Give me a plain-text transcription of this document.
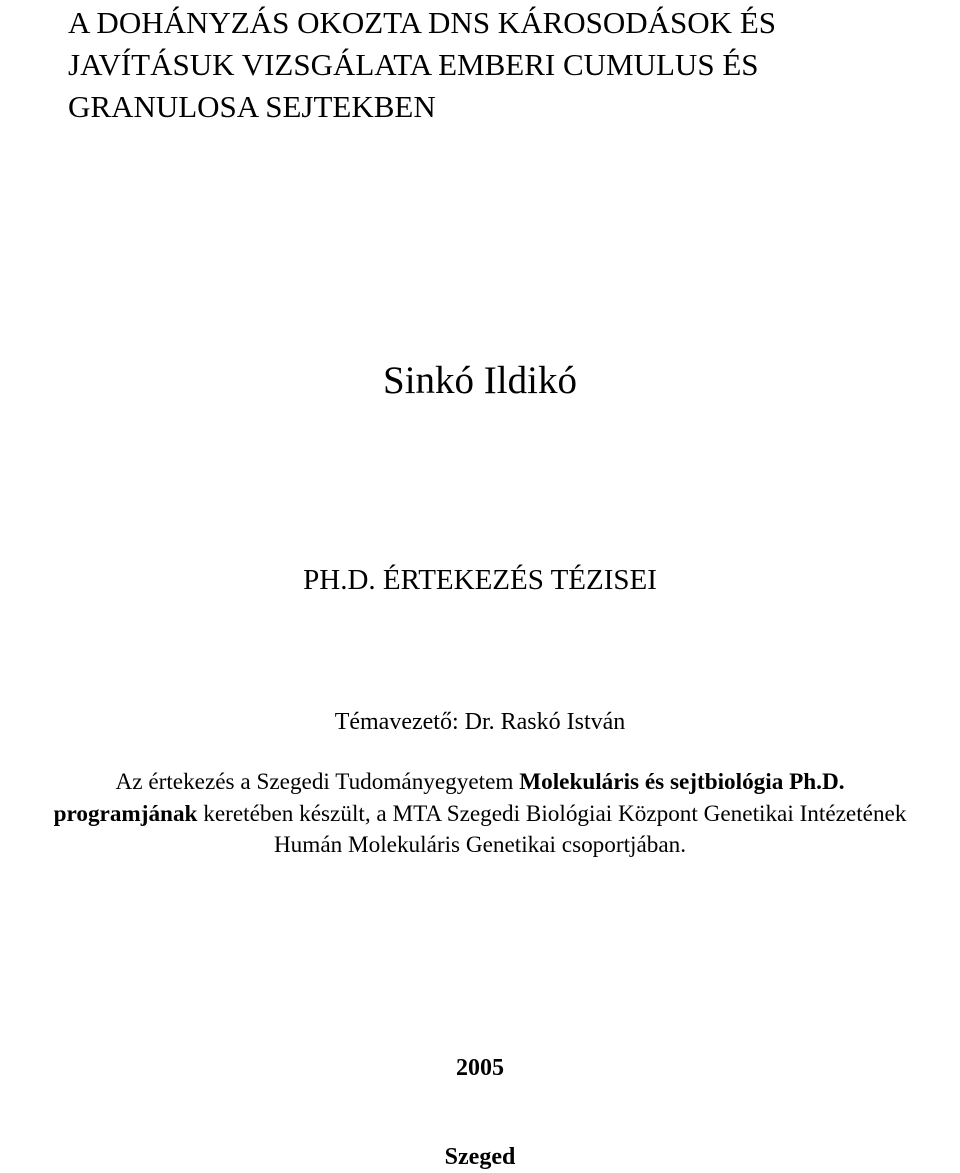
A DOHÁNYZÁS OKOZTA DNS KÁROSODÁSOK ÉS
JAVÍTÁSUK VIZSGÁLATA EMBERI CUMULUS ÉS
GRANULOSA SEJTEKBEN
Sinkó Ildikó
PH.D. ÉRTEKEZÉS TÉZISEI
Témavezető: Dr. Raskó István
Az értekezés a Szegedi Tudományegyetem Molekuláris és sejtbiológia Ph.D.
programjának keretében készült, a MTA Szegedi Biológiai Központ Genetikai Intézetének
Humán Molekuláris Genetikai csoportjában.
2005
Szeged
